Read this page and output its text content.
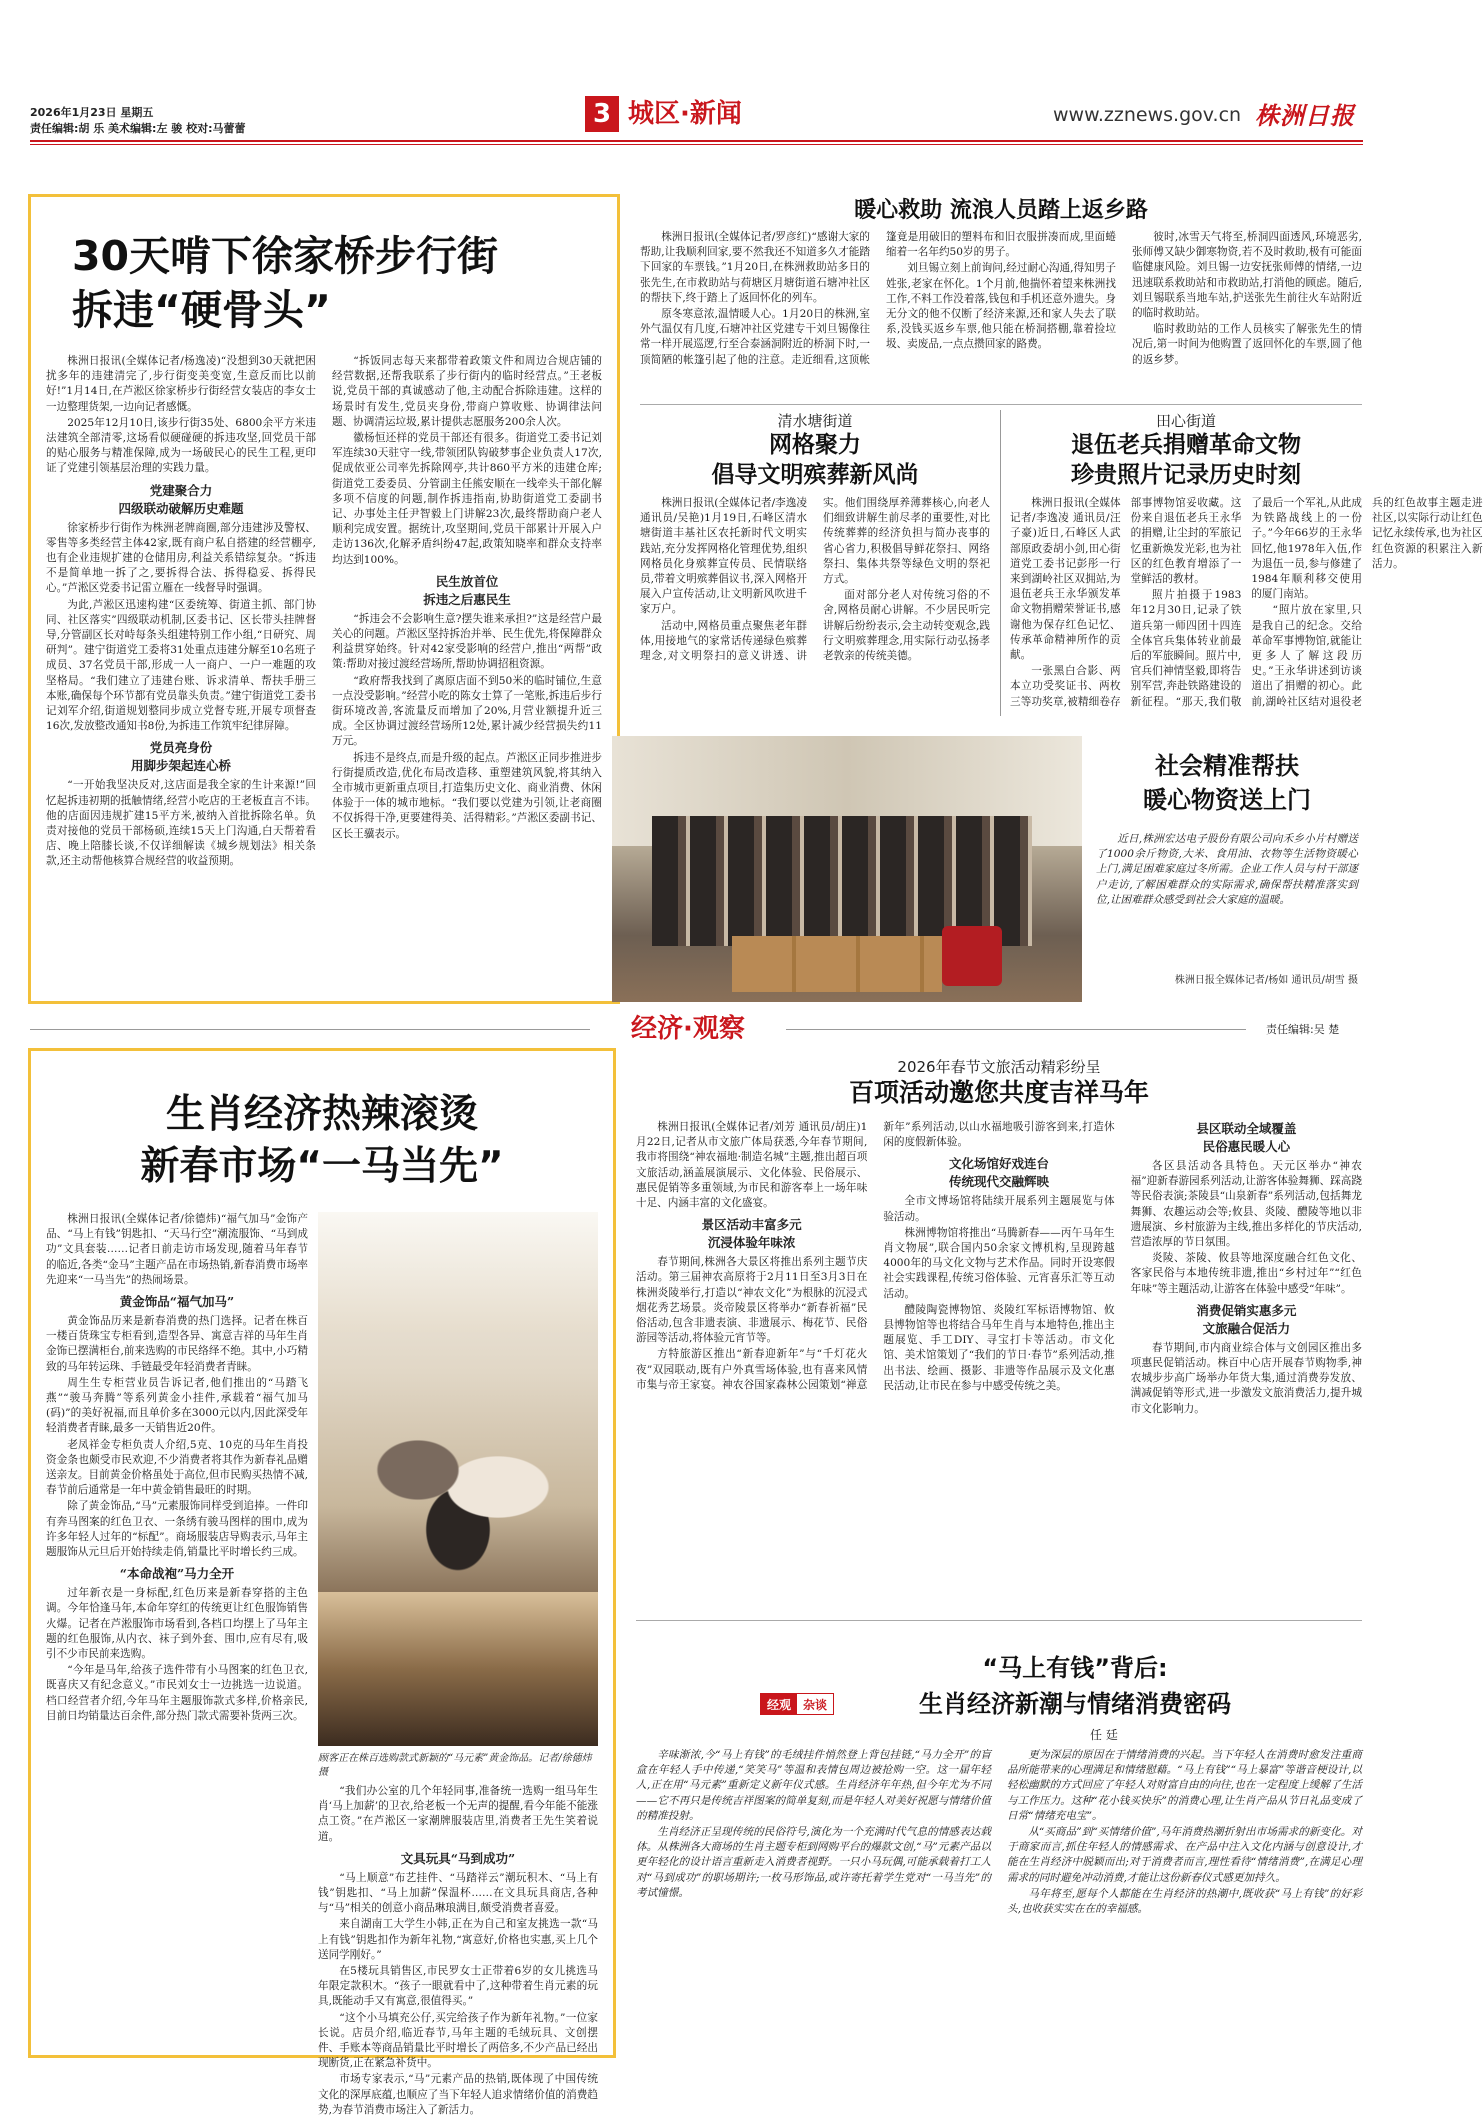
2026年1月23日 星期五
责任编辑:胡 乐 美术编辑:左 骏 校对:马蕾蕾	3 城区·新闻	www.zznews.gov.cn 株洲日报
30天啃下徐家桥步行街
拆违“硬骨头”

株洲日报讯(全媒体记者/杨逸凌)“没想到30天就把困扰多年的违建清完了,步行街变美变宽,生意反而比以前好!”1月14日,在芦淞区徐家桥步行街经营女装店的李女士一边整理货架,一边向记者感慨。

2025年12月10日,该步行街35处、6800余平方米违法建筑全部清零,这场看似硬碰硬的拆违攻坚,回党员干部的贴心服务与精准保障,成为一场破民心的民生工程,更印证了党建引领基层治理的实践力量。

党建聚合力
四级联动破解历史难题

徐家桥步行街作为株洲老牌商圈,部分违建涉及警权、零售等多类经营主体42家,既有商户私自搭建的经营棚亭,也有企业违规扩建的仓储用房,利益关系错综复杂。“拆违不是简单地一拆了之,要拆得合法、拆得稳妥、拆得民心。”芦淞区党委书记雷立雁在一线督导时强调。

为此,芦淞区迅速构建“区委统筹、街道主抓、部门协同、社区落实”四级联动机制,区委书记、区长带头挂牌督导,分管副区长对峙每条头组建特别工作小组,“日研究、周研判”。建宁街道党工委将31处重点违建分解至10名班子成员、37名党员干部,形成一人一商户、一户一难题的攻坚格局。“我们建立了违建台账、诉求清单、帮扶手册三本账,确保每个环节都有党员靠头负责。”建宁街道党工委书记刘军介绍,街道规划整同步成立党督专班,开展专项督查16次,发放整改通知书8份,为拆违工作筑牢纪律屏障。

党员亮身份
用脚步架起连心桥

“一开始我坚决反对,这店面是我全家的生计来源!”回忆起拆违初期的抵触情绪,经营小吃店的王老板直言不讳。他的店面因违规扩建15平方米,被纳入首批拆除名单。负责对接他的党员干部杨硕,连续15天上门沟通,白天帮着看店、晚上陪膝长谈,不仅详细解读《城乡规划法》相关条款,还主动帮他核算合规经营的收益预期。

“拆饭同志每天来都带着政策文件和周边合规店铺的经营数据,还帮我联系了步行街内的临时经营点。”王老板说,党员干部的真诚感动了他,主动配合拆除违建。这样的场景时有发生,党员夹身份,带商户算收账、协调律法问题、协调清运垃圾,累计提供志愿服务200余人次。

徽杨恒还样的党员干部还有很多。街道党工委书记刘军连续30天驻守一线,带领团队钩破梦事企业负责人17次,促成依亚公司率先拆除网亭,共计860平方米的违建仓库;街道党工委委员、分管副主任熊安顺在一线牵头干部化解多项不信度的问题,制作拆违指南,协助街道党工委副书记、办事处主任尹智毅上门讲解23次,最终帮助商户老人顺利完成安置。据统计,攻坚期间,党员干部累计开展入户走访136次,化解矛盾纠纷47起,政策知晓率和群众支持率均达到100%。

民生放首位
拆违之后惠民生

“拆违会不会影响生意?摆失谁来承担?”这是经营户最关心的问题。芦淞区坚持拆治并举、民生优先,将保障群众利益贯穿始终。针对42家受影响的经营户,推出“两帮”政策:帮助对接过渡经营场所,帮助协调招租资源。

“政府帮我找到了离原店面不到50米的临时铺位,生意一点没受影响。”经营小吃的陈女士算了一笔账,拆违后步行街环境改善,客流量反而增加了20%,月营业额提升近三成。全区协调过渡经营场所12处,累计减少经营损失约11万元。

拆违不是终点,而是升级的起点。芦淞区正同步推进步行街提质改造,优化布局改造移、重塑建筑风貌,将其纳入全市城市更新重点项目,打造集历史文化、商业消费、休闲体验于一体的城市地标。“我们要以党建为引领,让老商圈不仅拆得干净,更要建得美、活得精彩。”芦淞区委副书记、区长王骥表示。

暖心救助 流浪人员踏上返乡路

株洲日报讯(全媒体记者/罗彦红)“感谢大家的帮助,让我顺利回家,要不然我还不知道多久才能踏下回家的车票钱。”1月20日,在株洲救助站多日的张先生,在市救助站与荷塘区月塘街道石塘冲社区的帮扶下,终于踏上了返回怀化的列车。

原冬寒意浓,温情暖人心。1月20日的株洲,室外气温仅有几度,石塘冲社区党建专干刘旦锡像往常一样开展巡逻,行至合泰涵洞附近的桥洞下时,一顶简陋的帐篷引起了他的注意。走近细看,这顶帐篷竟是用破旧的塑料布和旧衣服拼凑而成,里面蜷缩着一名年约50岁的男子。

刘旦锡立刻上前询问,经过耐心沟通,得知男子姓张,老家在怀化。1个月前,他揣怀着望来株洲找工作,不料工作没着落,钱包和手机还意外遗失。身无分文的他不仅断了经济来源,还和家人失去了联系,没钱买返乡车票,他只能在桥洞搭棚,靠着捡垃圾、卖废品,一点点攒回家的路费。

彼时,冰雪天气将至,桥洞四面透风,环境恶劣,张师傅又缺少御寒物资,若不及时救助,极有可能面临健康风险。刘旦锡一边安抚张师傅的情绪,一边迅速联系救助站和市救助站,打消他的顾虑。随后,刘旦锡联系当地车站,护送张先生前往火车站附近的临时救助站。

临时救助站的工作人员核实了解张先生的情况后,第一时间为他购置了返回怀化的车票,圆了他的返乡梦。

清水塘街道
网格聚力
倡导文明殡葬新风尚

株洲日报讯(全媒体记者/李逸凌 通讯员/吴艳)1月19日,石峰区清水塘街道丰基社区农托新时代文明实践站,充分发挥网格化管理优势,组织网格员化身殡葬宣传员、民情联络员,带着文明殡葬倡议书,深入网格开展入户宣传活动,让文明新风吹进千家万户。

活动中,网格员重点聚焦老年群体,用接地气的家常话传递绿色殡葬理念,对文明祭扫的意义讲透、讲实。他们围绕厚养薄葬核心,向老人们细致讲解生前尽孝的重要性,对比传统葬葬的经济负担与简办丧事的省心省力,积极倡导鲜花祭扫、网络祭扫、集体共祭等绿色文明的祭祀方式。

面对部分老人对传统习俗的不舍,网格员耐心讲解。不少居民听完讲解后纷纷表示,会主动转变观念,践行文明殡葬理念,用实际行动弘扬孝老敦亲的传统美德。

田心街道
退伍老兵捐赠革命文物
珍贵照片记录历史时刻

株洲日报讯(全媒体记者/李逸凌 通讯员/汪子豪)近日,石峰区人武部原政委胡小剑,田心街道党工委书记彭彤一行来到湖岭社区双拥站,为退伍老兵王永华颁发革命文物捐赠荣誉证书,感谢他为保存红色记忆、传承革命精神所作的贡献。

一张黑白合影、两本立功受奖证书、两枚三等功奖章,被精细卷存部事博物馆妥收藏。这份来自退伍老兵王永华的捐赠,让尘封的军旅记忆重新焕发光彩,也为社区的红色教育增添了一堂鲜活的教材。

照片拍摄于1983年12月30日,记录了铁道兵第一师四团十四连全体官兵集体转业前最后的军旅瞬间。照片中,官兵们神情坚毅,即将告别军营,奔赴铁路建设的新征程。“那天,我们敬了最后一个军礼,从此成为铁路战线上的一份子。”今年66岁的王永华回忆,他1978年入伍,作为退伍一员,参与修建了1984年顺利移交使用的厦门南站。

“照片放在家里,只是我自己的纪念。交给革命军事博物馆,就能让更多人了解这段历史。”王永华讲述到访谈道出了捐赠的初心。此前,湖岭社区结对退役老兵的红色故事主题走进社区,以实际行动让红色记忆永续传承,也为社区红色资源的积累注入新活力。

社会精准帮扶
暖心物资送上门
近日,株洲宏达电子股份有限公司向禾乡小片村赠送了1000余斤物资,大米、食用油、衣物等生活物资暖心上门,满足困难家庭过冬所需。企业工作人员与村干部逐户走访,了解困难群众的实际需求,确保帮扶精准落实到位,让困难群众感受到社会大家庭的温暖。
株洲日报全媒体记者/杨如 通讯员/胡雪 摄
经济·观察	责任编辑:吴 楚
生肖经济热辣滚烫
新春市场“一马当先”

株洲日报讯(全媒体记者/徐德炜)“福气加马”金饰产品、“马上有钱”钥匙扣、“天马行空”潮流服饰、“马到成功”文具套装……记者日前走访市场发现,随着马年春节的临近,各类“金马”主题产品在市场热销,新春消费市场率先迎来“一马当先”的热闹场景。

黄金饰品“福气加马”

黄金饰品历来是新春消费的热门选择。记者在株百一楼百货珠宝专柜看到,造型各异、寓意吉祥的马年生肖金饰已摆满柜台,前来选购的市民络绎不绝。其中,小巧精致的马年转运珠、手链最受年轻消费者青睐。

周生生专柜营业员告诉记者,他们推出的“马踏飞燕”“骏马奔腾”等系列黄金小挂件,承载着“福气加马(码)”的美好祝福,而且单价多在3000元以内,因此深受年轻消费者青睐,最多一天销售近20件。

老凤祥金专柜负责人介绍,5克、10克的马年生肖投资金条也颇受市民欢迎,不少消费者将其作为新春礼品赠送亲友。目前黄金价格虽处于高位,但市民购买热情不减,春节前后通常是一年中黄金销售最旺的时期。

除了黄金饰品,“马”元素服饰同样受到追捧。一件印有奔马图案的红色卫衣、一条绣有骏马图样的围巾,成为许多年轻人过年的“标配”。商场服装店导购表示,马年主题服饰从元旦后开始持续走俏,销量比平时增长约三成。

“本命战袍”马力全开

过年新衣是一身标配,红色历来是新春穿搭的主色调。今年恰逢马年,本命年穿红的传统更让红色服饰销售火爆。记者在芦淞服饰市场看到,各档口均摆上了马年主题的红色服饰,从内衣、袜子到外套、围巾,应有尽有,吸引不少市民前来选购。

“今年是马年,给孩子选件带有小马图案的红色卫衣,既喜庆又有纪念意义。”市民刘女士一边挑选一边说道。档口经营者介绍,今年马年主题服饰款式多样,价格亲民,目前日均销量达百余件,部分热门款式需要补货两三次。

顾客正在株百选购款式新颖的“马元素”黄金饰品。记者/徐德炜 摄

“我们办公室的几个年轻同事,准备统一选购一组马年生肖‘马上加薪’的卫衣,给老板一个无声的提醒,看今年能不能涨点工资。”在芦淞区一家潮牌服装店里,消费者王先生笑着说道。

文具玩具“马到成功”

“马上顺意”布艺挂件、“马踏祥云”潮玩积木、“马上有钱”钥匙扣、“马上加薪”保温杯……在文具玩具商店,各种与“马”相关的创意小商品琳琅满目,颇受消费者喜爱。

来自湖南工大学生小韩,正在为自己和室友挑选一款“马上有钱”钥匙扣作为新年礼物,“寓意好,价格也实惠,买上几个送同学刚好。”

在5楼玩具销售区,市民罗女士正带着6岁的女儿挑选马年限定款积木。“孩子一眼就看中了,这种带着生肖元素的玩具,既能动手又有寓意,很值得买。”

“这个小马填充公仔,买完给孩子作为新年礼物。”一位家长说。店员介绍,临近春节,马年主题的毛绒玩具、文创摆件、手账本等商品销量比平时增长了两倍多,不少产品已经出现断货,正在紧急补货中。

市场专家表示,“马”元素产品的热销,既体现了中国传统文化的深厚底蕴,也顺应了当下年轻人追求情绪价值的消费趋势,为春节消费市场注入了新活力。

2026年春节文旅活动精彩纷呈
百项活动邀您共度吉祥马年

株洲日报讯(全媒体记者/刘芳 通讯员/胡庄)1月22日,记者从市文旅广体局获悉,今年春节期间,我市将围绕“神农福地·制造名城”主题,推出超百项文旅活动,涵盖展演展示、文化体验、民俗展示、惠民促销等多重领域,为市民和游客奉上一场年味十足、内涵丰富的文化盛宴。

景区活动丰富多元
沉浸体验年味浓

春节期间,株洲各大景区将推出系列主题节庆活动。第三届神农高原将于2月11日至3月3日在株洲炎陵举行,打造以“神农文化”为根脉的沉浸式烟花秀艺场景。炎帝陵景区将举办“新春祈福”民俗活动,包含非遗表演、非遗展示、梅花节、民俗游园等活动,将体验元宵节等。

方特旅游区推出“新春迎新年”与“千灯花火夜”双园联动,既有户外真雪场体验,也有喜来风情市集与帝王家宴。神农谷国家森林公园策划“禅意新年”系列活动,以山水福地吸引游客到来,打造休闲的度假新体验。

文化场馆好戏连台
传统现代交融辉映

全市文博场馆将陆续开展系列主题展览与体验活动。

株洲博物馆将推出“马腾新春——丙午马年生肖文物展”,联合国内50余家文博机构,呈现跨越4000年的马文化文物与艺术作品。同时开设寒假社会实践课程,传统习俗体验、元宵喜乐汇等互动活动。

醴陵陶瓷博物馆、炎陵红军标语博物馆、攸县博物馆等也将结合马年生肖与本地特色,推出主题展览、手工DIY、寻宝打卡等活动。市文化馆、美术馆策划了“我们的节日·春节”系列活动,推出书法、绘画、摄影、非遗等作品展示及文化惠民活动,让市民在参与中感受传统之美。

县区联动全域覆盖
民俗惠民暖人心

各区县活动各具特色。天元区举办“神农福”迎新春游园系列活动,让游客体验舞狮、踩高跷等民俗表演;茶陵县“山泉新春”系列活动,包括舞龙舞狮、农趣运动会等;攸县、炎陵、醴陵等地以非遗展演、乡村旅游为主线,推出多样化的节庆活动,营造浓厚的节日氛围。

炎陵、茶陵、攸县等地深度融合红色文化、客家民俗与本地传统非遗,推出“乡村过年”“红色年味”等主题活动,让游客在体验中感受“年味”。

消费促销实惠多元
文旅融合促活力

春节期间,市内商业综合体与文创园区推出多项惠民促销活动。株百中心店开展春节购物季,神农城步步高广场举办年货大集,通过消费券发放、满减促销等形式,进一步激发文旅消费活力,提升城市文化影响力。

经观	杂谈
“马上有钱”背后:
生肖经济新潮与情绪消费密码
任 廷

辛味渐浓,今“马上有钱”的毛绒挂件悄然登上背包挂链,“马力全开”的盲盒在年轻人手中传递,“笑笑马”等温和表情包周边被抢购一空。这一届年轻人,正在用“马元素”重新定义新年仪式感。生肖经济年年热,但今年尤为不同——它不再只是传统吉祥图案的简单复刻,而是年轻人对美好祝愿与情绪价值的精准投射。

生肖经济正呈现传统的民俗符号,演化为一个充满时代气息的情感表达载体。从株洲各大商场的生肖主题专柜到网购平台的爆款文创,“马”元素产品以更年轻化的设计语言重新走入消费者视野。一只小马玩偶,可能承载着打工人对“马到成功”的职场期许;一枚马形饰品,或许寄托着学生党对“一马当先”的考试憧憬。

更为深层的原因在于情绪消费的兴起。当下年轻人在消费时愈发注重商品所能带来的心理满足和情绪慰藉。“马上有钱”“马上暴富”等谐音梗设计,以轻松幽默的方式回应了年轻人对财富自由的向往,也在一定程度上缓解了生活与工作压力。这种“花小钱买快乐”的消费心理,让生肖产品从节日礼品变成了日常“情绪充电宝”。

从“买商品”到“买情绪价值”,马年消费热潮折射出市场需求的新变化。对于商家而言,抓住年轻人的情感需求、在产品中注入文化内涵与创意设计,才能在生肖经济中脱颖而出;对于消费者而言,理性看待“情绪消费”,在满足心理需求的同时避免冲动消费,才能让这份新春仪式感更加持久。

马年将至,愿每个人都能在生肖经济的热潮中,既收获“马上有钱”的好彩头,也收获实实在在的幸福感。
